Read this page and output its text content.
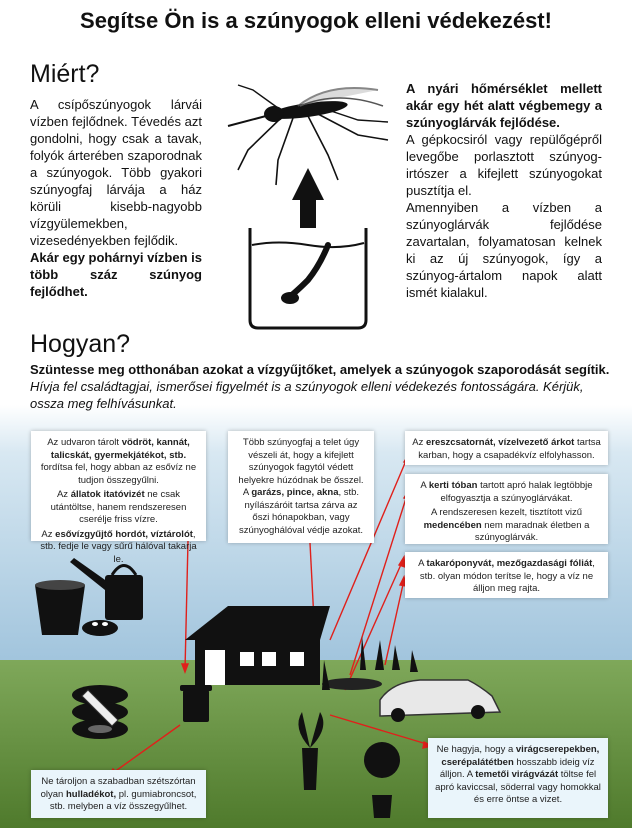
Segítse Ön is a szúnyogok elleni védekezést!
Miért?

A csípőszúnyogok lárvái vízben fejlődnek. Tévedés azt gondolni, hogy csak a tavak, folyók árterében szaporodnak a szúnyogok. Több gyakori szúnyogfaj lárvája a ház körüli kisebb-nagyobb vízgyülemekben, vizesedényekben fejlődik.

Akár egy pohárnyi vízben is több száz szúnyog fejlődhet.

A nyári hőmérséklet mellett akár egy hét alatt végbemegy a szúnyoglárvák fejlődése.

A gépkocsiról vagy repülőgépről levegőbe porlasztott szúnyog-irtószer a kifejlett szúnyogokat pusztítja el.

Amennyiben a vízben a szúnyoglárvák fejlődése zavartalan, folyamatosan kelnek ki az új szúnyogok, így a szúnyog-ártalom napok alatt ismét kialakul.

Hogyan?

Szüntesse meg otthonában azokat a vízgyűjtőket, amelyek a szúnyogok szaporodását segítik.

Hívja fel családtagjai, ismerősei figyelmét is a szúnyogok elleni védekezés fontosságára. Kérjük, ossza meg felhívásunkat.

Az udvaron tárolt vödröt, kannát, talicskát, gyermekjátékot, stb. fordítsa fel, hogy abban az esővíz ne tudjon összegyűlni.

Az állatok itatóvizét ne csak utántöltse, hanem rendszeresen cserélje friss vízre.

Az esővízgyűjtő hordót, víztárolót, stb. fedje le vagy sűrű hálóval takarja le.

Több szúnyogfaj a telet úgy vészeli át, hogy a kifejlett szúnyogok fagytól védett helyekre húzódnak be ősszel. A garázs, pince, akna, stb. nyílászáróit tartsa zárva az őszi hónapokban, vagy szúnyoghálóval védje azokat.

Az ereszcsatornát, vízelvezető árkot tartsa karban, hogy a csapadékvíz elfolyhasson.

A kerti tóban tartott apró halak legtöbbje elfogyasztja a szúnyoglárvákat.

A rendszeresen kezelt, tisztított vizű medencében nem maradnak életben a szúnyoglárvák.

A takaróponyvát, mezőgazdasági fóliát, stb. olyan módon terítse le, hogy a víz ne álljon meg rajta.

Ne tároljon a szabadban szétszórtan olyan hulladékot, pl. gumiabroncsot, stb. melyben a víz összegyűlhet.

Ne hagyja, hogy a virágcserepekben, cserépalátétben hosszabb ideig víz álljon. A temetői virágvázát töltse fel apró kaviccsal, söderral vagy homokkal és erre öntse a vizet.
